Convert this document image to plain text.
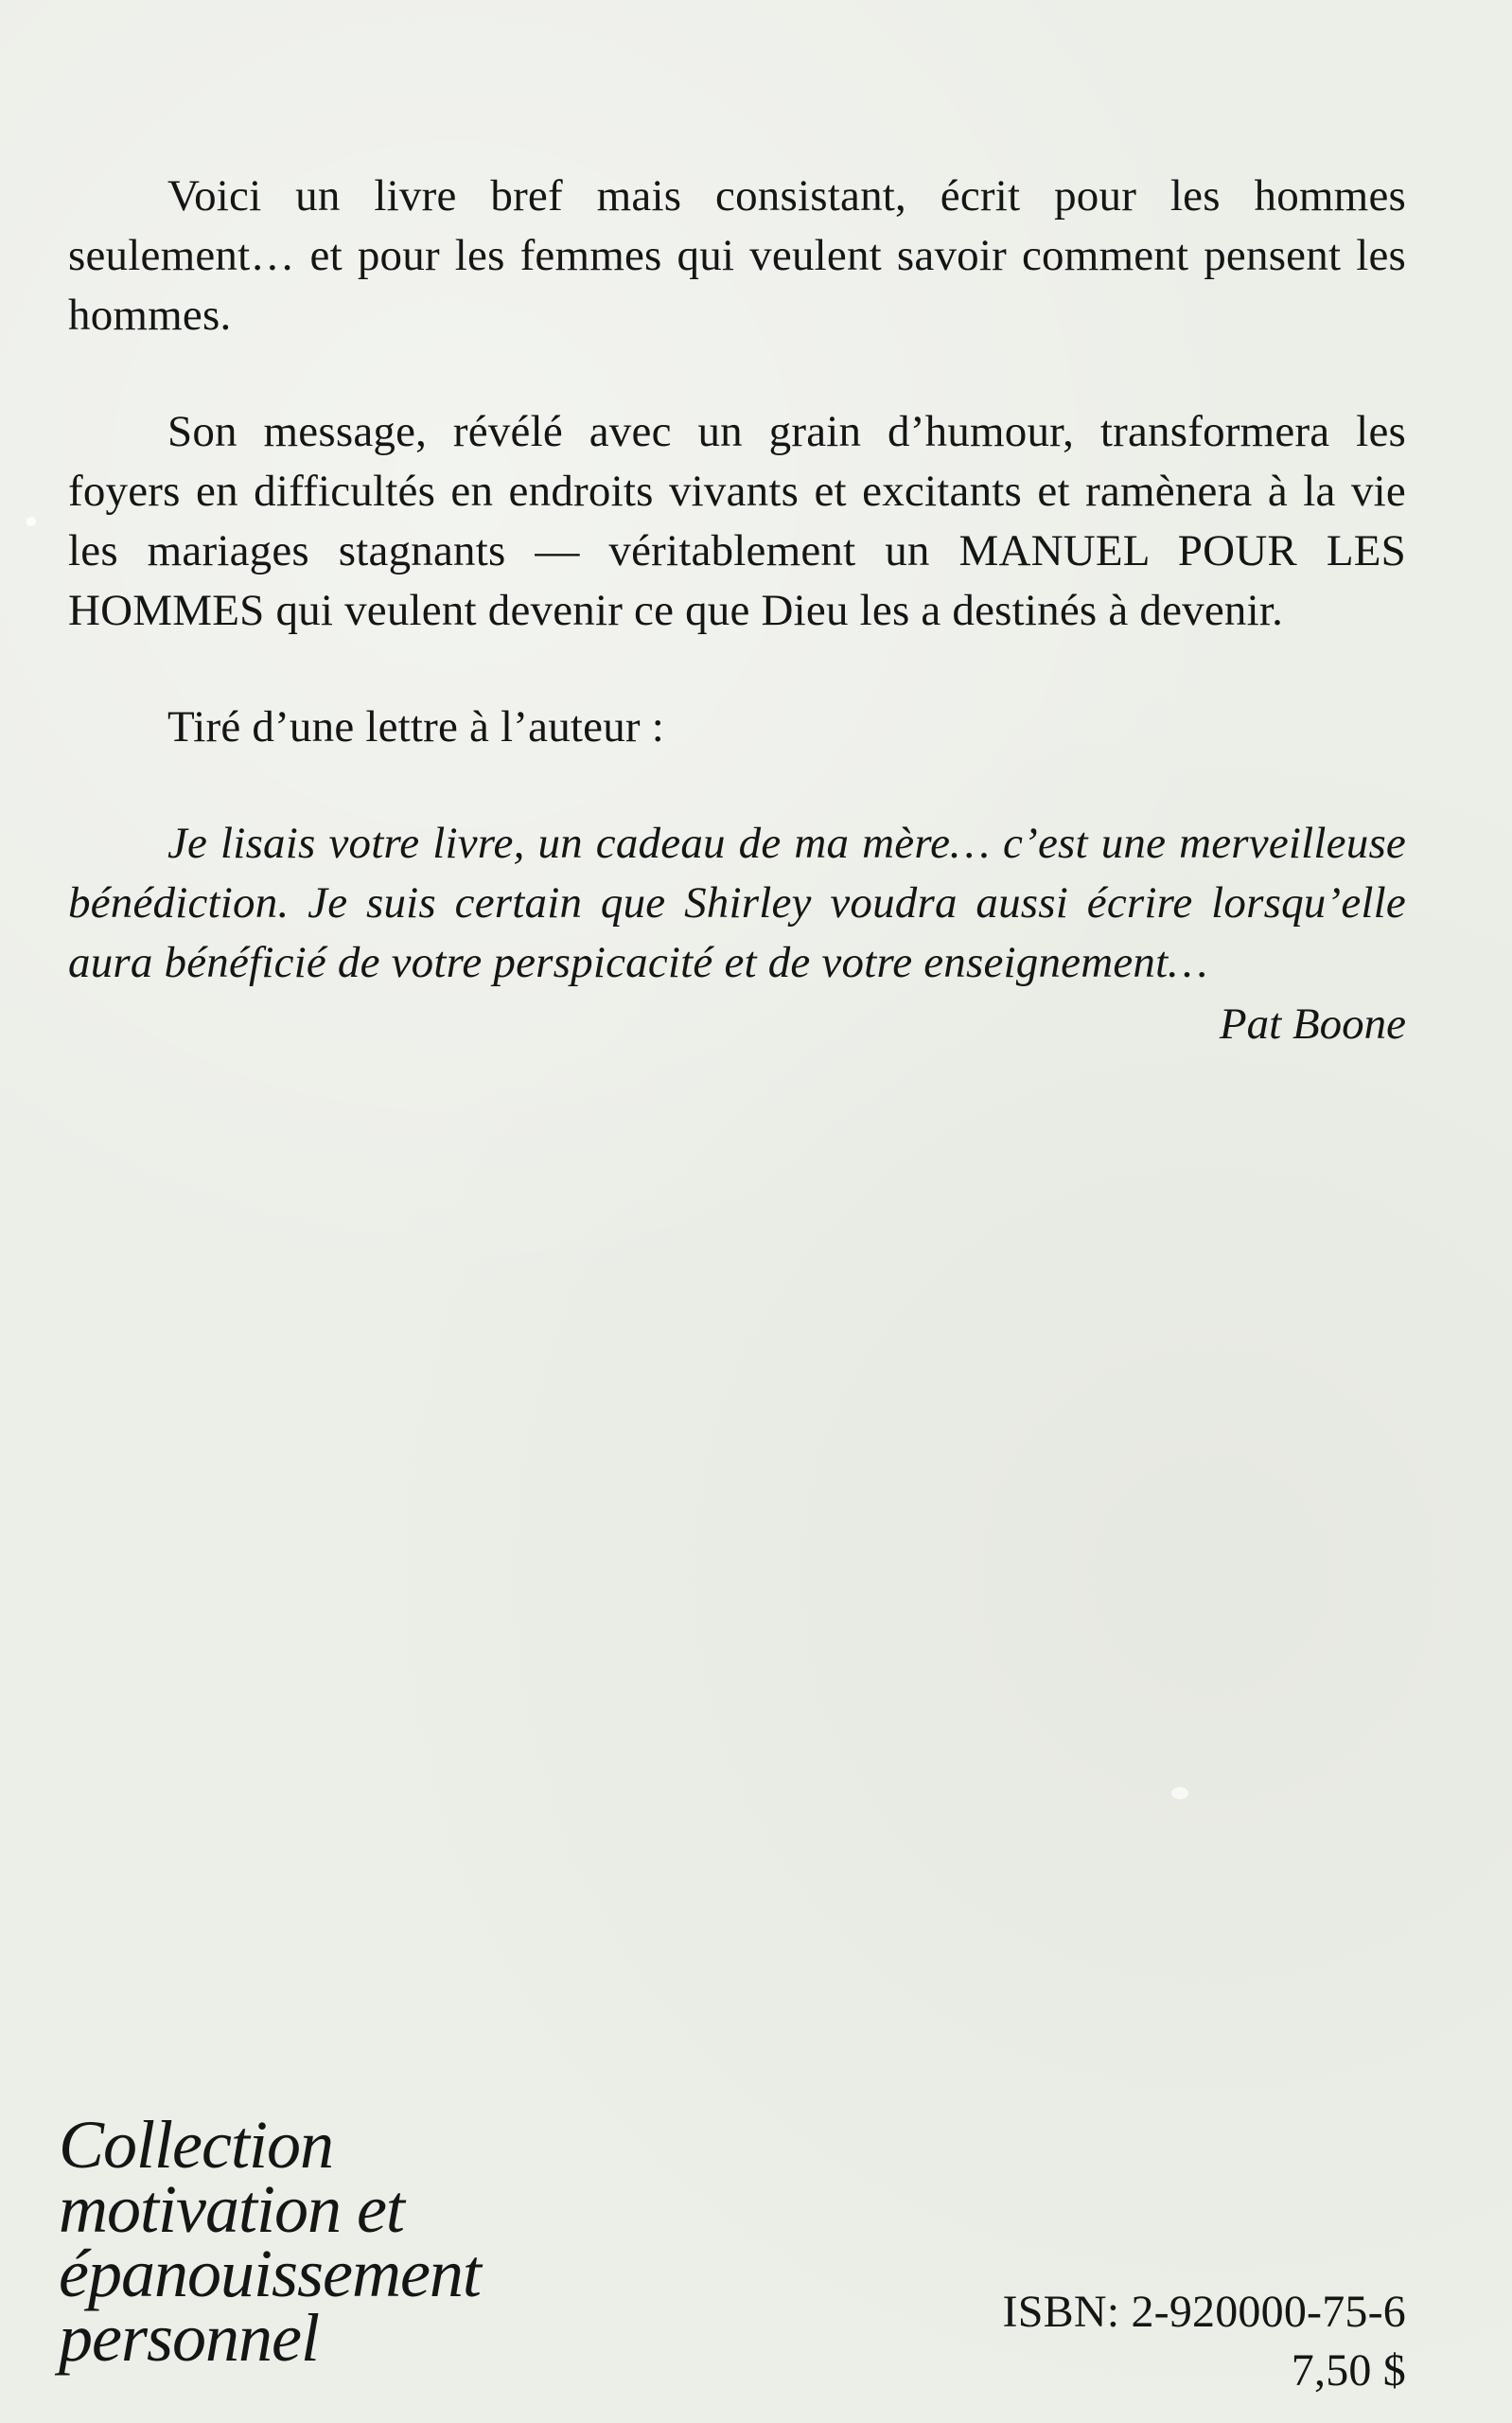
Voici un livre bref mais consistant, écrit pour les hommes seulement… et pour les femmes qui veulent savoir comment pensent les hommes.

Son message, révélé avec un grain d’humour, transformera les foyers en difficultés en endroits vivants et excitants et ramènera à la vie les mariages stagnants — véritablement un MANUEL POUR LES HOMMES qui veulent devenir ce que Dieu les a destinés à devenir.

Tiré d’une lettre à l’auteur :

Je lisais votre livre, un cadeau de ma mère… c’est une merveilleuse bénédiction. Je suis certain que Shirley voudra aussi écrire lorsqu’elle aura bénéficié de votre perspicacité et de votre enseignement…

Pat Boone

Collection
motivation et
épanouissement
personnel	ISBN: 2-920000-75-6
7,50 $
